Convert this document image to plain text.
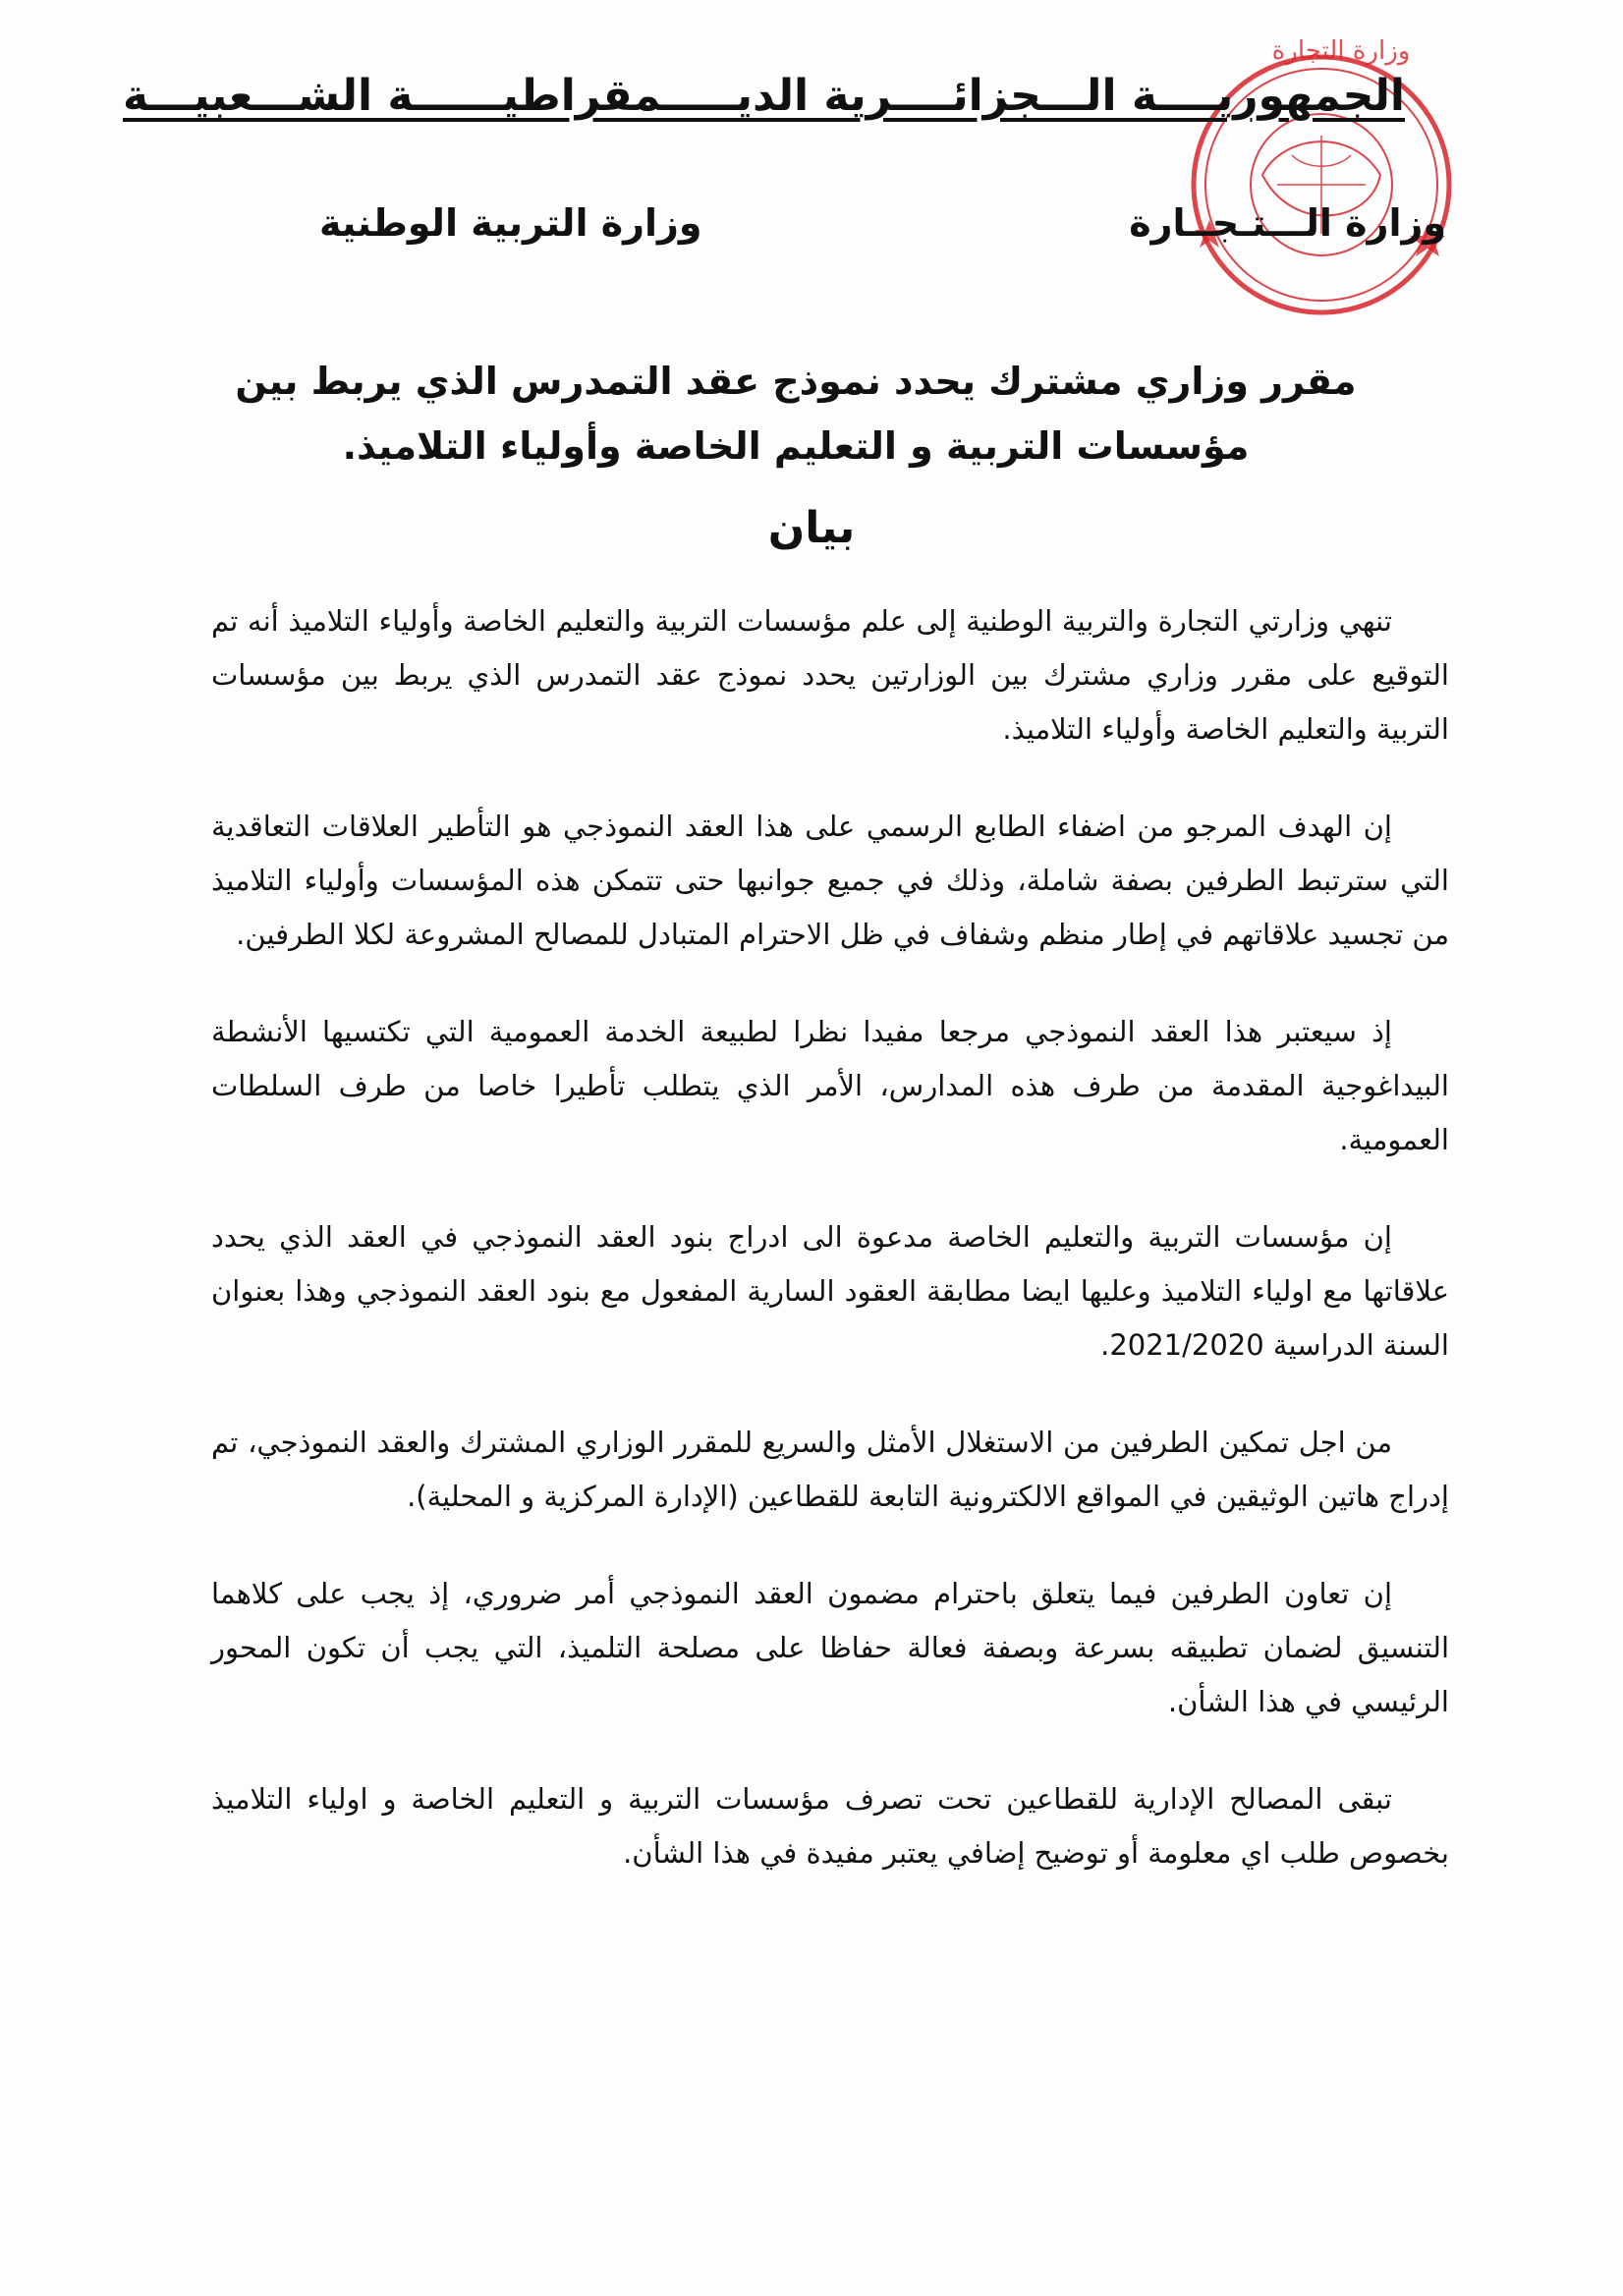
وزارة التجارة
الجمهوريــــة الـــجزائــــرية الديـــــمقراطيــــــة الشـــعبيـــة
وزارة الـــتـجــارة
وزارة التربية الوطنية
مقرر وزاري مشترك يحدد نموذج عقد التمدرس الذي يربط بين مؤسسات التربية و التعليم الخاصة وأولياء التلاميذ.
بيان

تنهي وزارتي التجارة والتربية الوطنية إلى علم مؤسسات التربية والتعليم الخاصة وأولياء التلاميذ أنه تم التوقيع على مقرر وزاري مشترك بين الوزارتين يحدد نموذج عقد التمدرس الذي يربط بين مؤسسات التربية والتعليم الخاصة وأولياء التلاميذ.

إن الهدف المرجو من اضفاء الطابع الرسمي على هذا العقد النموذجي هو التأطير العلاقات التعاقدية التي سترتبط الطرفين بصفة شاملة، وذلك في جميع جوانبها حتى تتمكن هذه المؤسسات وأولياء التلاميذ من تجسيد علاقاتهم في إطار منظم وشفاف في ظل الاحترام المتبادل للمصالح المشروعة لكلا الطرفين.

إذ سيعتبر هذا العقد النموذجي مرجعا مفيدا نظرا لطبيعة الخدمة العمومية التي تكتسيها الأنشطة البيداغوجية المقدمة من طرف هذه المدارس، الأمر الذي يتطلب تأطيرا خاصا من طرف السلطات العمومية.

إن مؤسسات التربية والتعليم الخاصة مدعوة الى ادراج بنود العقد النموذجي في العقد الذي يحدد علاقاتها مع اولياء التلاميذ وعليها ايضا مطابقة العقود السارية المفعول مع بنود العقد النموذجي وهذا بعنوان السنة الدراسية 2021/2020.

من اجل تمكين الطرفين من الاستغلال الأمثل والسريع للمقرر الوزاري المشترك والعقد النموذجي، تم إدراج هاتين الوثيقين في المواقع الالكترونية التابعة للقطاعين (الإدارة المركزية و المحلية).

إن تعاون الطرفين فيما يتعلق باحترام مضمون العقد النموذجي أمر ضروري، إذ يجب على كلاهما التنسيق لضمان تطبيقه بسرعة وبصفة فعالة حفاظا على مصلحة التلميذ، التي يجب أن تكون المحور الرئيسي في هذا الشأن.

تبقى المصالح الإدارية للقطاعين تحت تصرف مؤسسات التربية و التعليم الخاصة و اولياء التلاميذ بخصوص طلب اي معلومة أو توضيح إضافي يعتبر مفيدة في هذا الشأن.
